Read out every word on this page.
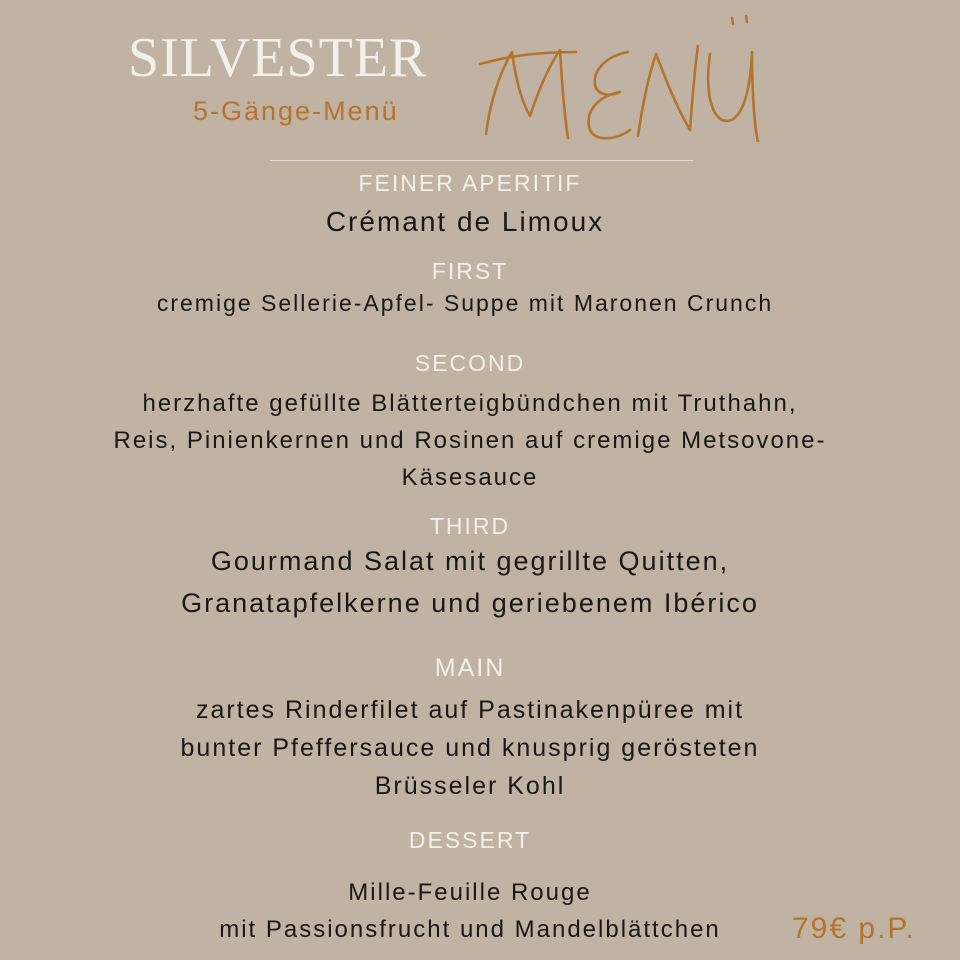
SILVESTER
5-Gänge-Menü
FEINER APERITIF
Crémant de Limoux
FIRST
cremige Sellerie-Apfel- Suppe mit Maronen Crunch
SECOND
herzhafte gefüllte Blätterteigbündchen mit Truthahn,
Reis, Pinienkernen und Rosinen auf cremige Metsovone-
Käsesauce
THIRD
Gourmand Salat mit gegrillte Quitten,
Granatapfelkerne und geriebenem Ibérico
MAIN
zartes Rinderfilet auf Pastinakenpüree mit
bunter Pfeffersauce und knusprig gerösteten
Brüsseler Kohl
DESSERT
Mille-Feuille Rouge
mit Passionsfrucht und Mandelblättchen	79€ p.P.
